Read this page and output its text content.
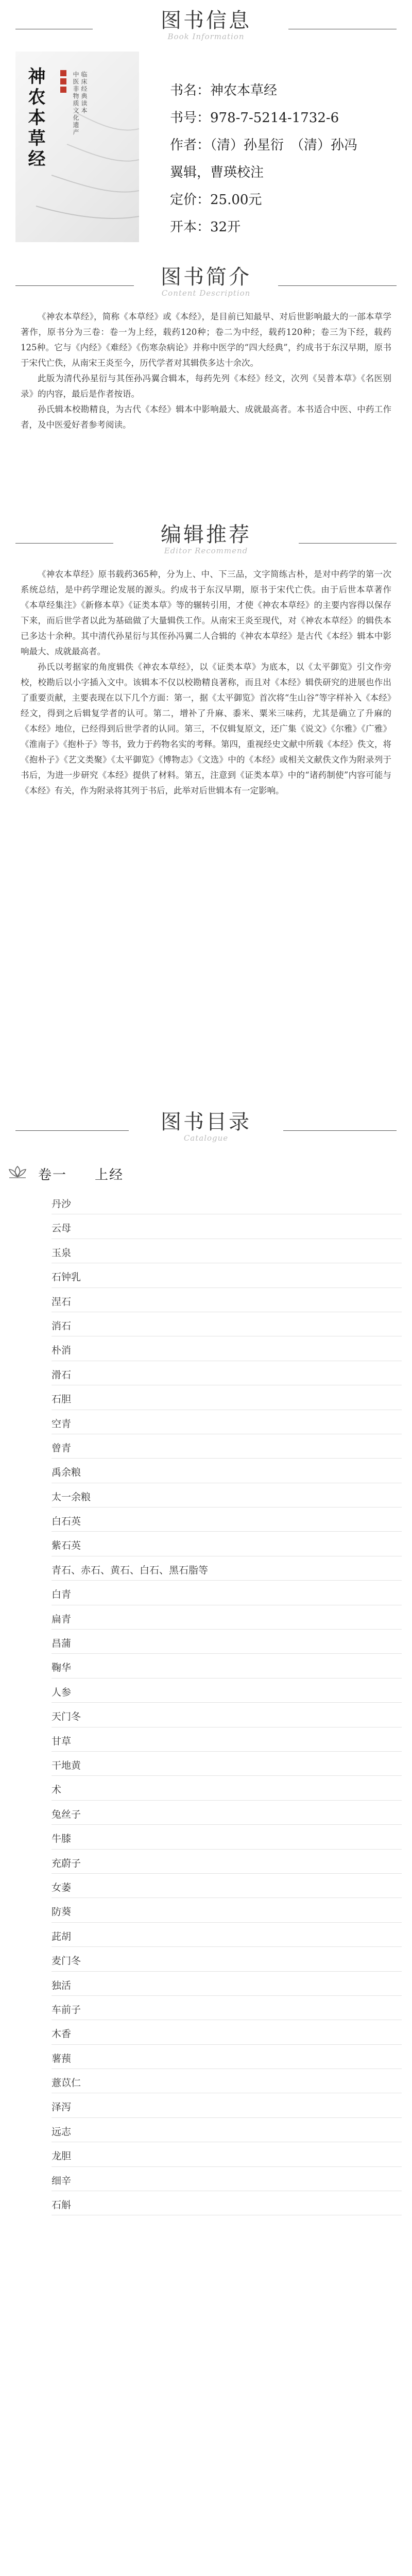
图书信息
Book Information
神农本草经	中医非物质文化遗产 临床经典读本	书名：神农本草经
书号：978-7-5214-1732-6
作者：（清）孙星衍　（清）孙冯
翼辑，曹瑛校注
定价：25.00元
开本：32开
图书简介
Content Description

《神农本草经》，简称《本草经》或《本经》，是目前已知最早、对后世影响最大的一部本草学著作，原书分为三卷：卷一为上经，载药120种；卷二为中经，载药120种；卷三为下经，载药125种。它与《内经》《难经》《伤寒杂病论》并称中医学的“四大经典”，约成书于东汉早期，原书于宋代亡佚，从南宋王炎至今，历代学者对其辑佚多达十余次。

此版为清代孙星衍与其侄孙冯翼合辑本，每药先列《本经》经文，次列《吴普本草》《名医别录》的内容，最后是作者按语。

孙氏辑本校勘精良，为古代《本经》辑本中影响最大、成就最高者。本书适合中医、中药工作者，及中医爱好者参考阅读。

编辑推荐
Editor Recommend

《神农本草经》原书载药365种，分为上、中、下三品，文字简练古朴，是对中药学的第一次系统总结，是中药学理论发展的源头。约成书于东汉早期，原书于宋代亡佚。由于后世本草著作《本草经集注》《新修本草》《证类本草》等的辗转引用，才使《神农本草经》的主要内容得以保存下来，而后世学者以此为基础做了大量辑佚工作。从南宋王炎至现代，对《神农本草经》的辑佚本已多达十余种。其中清代孙星衍与其侄孙冯翼二人合辑的《神农本草经》是古代《本经》辑本中影响最大、成就最高者。

孙氏以考据家的角度辑佚《神农本草经》，以《证类本草》为底本，以《太平御览》引文作旁校，校勘后以小字插入文中。该辑本不仅以校勘精良著称，而且对《本经》辑佚研究的进展也作出了重要贡献，主要表现在以下几个方面：第一，据《太平御览》首次将“生山谷”等字样补入《本经》经文，得到之后辑复学者的认可。第二，增补了升麻、黍米、粟米三味药，尤其是确立了升麻的《本经》地位，已经得到后世学者的认同。第三，不仅辑复原文，还广集《说文》《尔雅》《广雅》《淮南子》《抱朴子》等书，致力于药物名实的考释。第四，重视经史文献中所载《本经》佚文，将《抱朴子》《艺文类聚》《太平御览》《博物志》《文选》中的《本经》或相关文献佚文作为附录列于书后，为进一步研究《本经》提供了材料。第五，注意到《证类本草》中的“诸药制使”内容可能与《本经》有关，作为附录将其列于书后，此举对后世辑本有一定影响。

图书目录
Catalogue
卷一 上经
丹沙
云母
玉泉
石钟乳
涅石
消石
朴消
滑石
石胆
空青
曾青
禹余粮
太一余粮
白石英
紫石英
青石、赤石、黄石、白石、黑石脂等
白青
扁青
昌蒲
鞠华
人参
天门冬
甘草
干地黄
术
兔丝子
牛膝
充蔚子
女萎
防葵
茈胡
麦门冬
独活
车前子
木香
薯蓣
薏苡仁
泽泻
远志
龙胆
细辛
石斛
